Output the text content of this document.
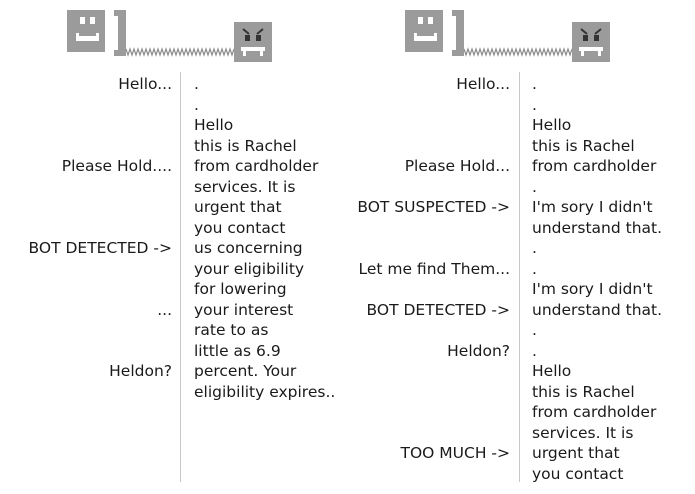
Hello...
Please Hold....
BOT DETECTED ->
...
Heldon?
.
.
Hello
this is Rachel
from cardholder
services. It is
urgent that
you contact
us concerning
your eligibility
for lowering
your interest
rate to as
little as 6.9
percent. Your
eligibility expires..
Hello...
Please Hold...
BOT SUSPECTED ->
Let me find Them...
BOT DETECTED ->
Heldon?
TOO MUCH ->
.
.
Hello
this is Rachel
from cardholder
.
I'm sory I didn't
understand that.
.
.
I'm sory I didn't
understand that.
.
.
Hello
this is Rachel
from cardholder
services. It is
urgent that
you contact
